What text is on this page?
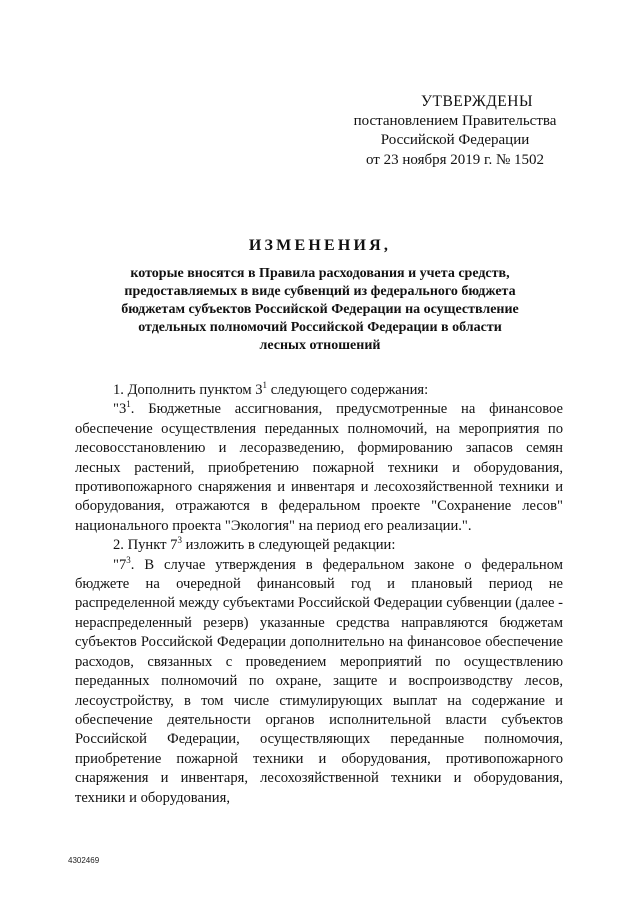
УТВЕРЖДЕНЫ
постановлением Правительства
Российской Федерации
от 23 ноября 2019 г. № 1502
ИЗМЕНЕНИЯ,
которые вносятся в Правила расходования и учета средств,
предоставляемых в виде субвенций из федерального бюджета
бюджетам субъектов Российской Федерации на осуществление
отдельных полномочий Российской Федерации в области
лесных отношений

1. Дополнить пунктом $3^1$ следующего содержания:

"$3^1$. Бюджетные ассигнования, предусмотренные на финансовое обеспечение осуществления переданных полномочий, на мероприятия по лесовосстановлению и лесоразведению, формированию запасов семян лесных растений, приобретению пожарной техники и оборудования, противопожарного снаряжения и инвентаря и лесохозяйственной техники и оборудования, отражаются в федеральном проекте "Сохранение лесов" национального проекта "Экология" на период его реализации.".

2. Пункт $7^3$ изложить в следующей редакции:

"$7^3$. В случае утверждения в федеральном законе о федеральном бюджете на очередной финансовый год и плановый период не распределенной между субъектами Российской Федерации субвенции (далее - нераспределенный резерв) указанные средства направляются бюджетам субъектов Российской Федерации дополнительно на финансовое обеспечение расходов, связанных с проведением мероприятий по осуществлению переданных полномочий по охране, защите и воспроизводству лесов, лесоустройству, в том числе стимулирующих выплат на содержание и обеспечение деятельности органов исполнительной власти субъектов Российской Федерации, осуществляющих переданные полномочия, приобретение пожарной техники и оборудования, противопожарного снаряжения и инвентаря, лесохозяйственной техники и оборудования, техники и оборудования,

4302469
